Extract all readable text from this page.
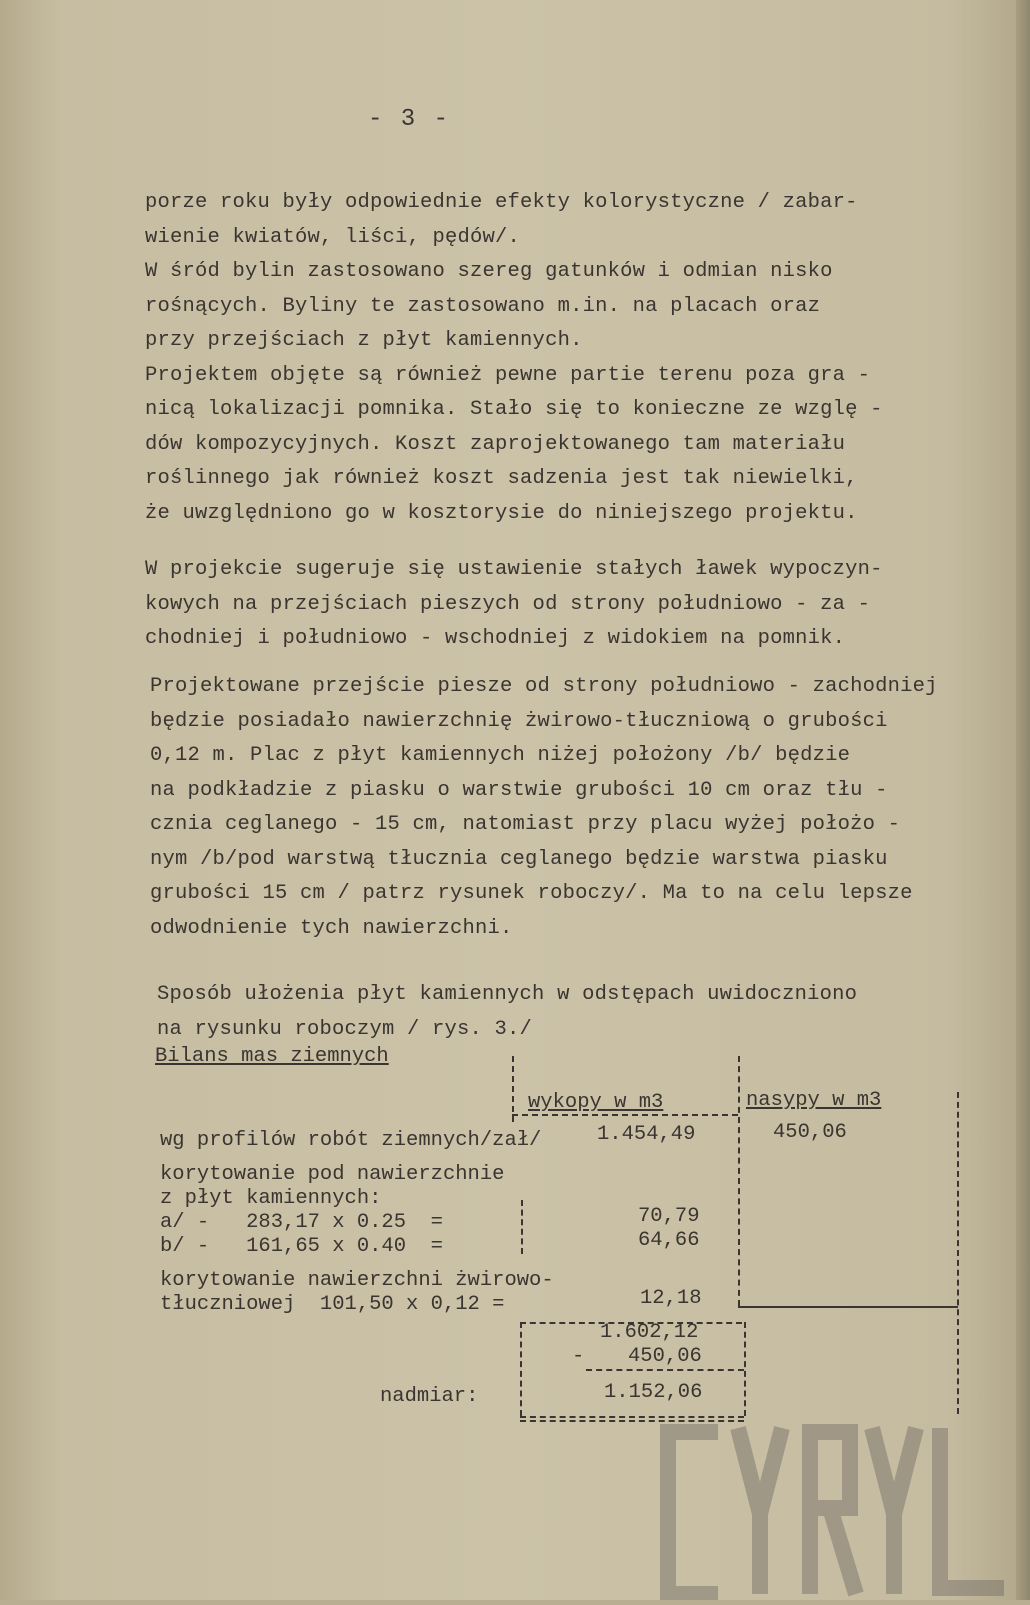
- 3 -
porze roku były odpowiednie efekty kolorystyczne / zabar-
wienie kwiatów, liści, pędów/.
W śród bylin zastosowano szereg gatunków i odmian nisko
rośnących. Byliny te zastosowano m.in. na placach oraz
przy przejściach z płyt kamiennych.
Projektem objęte są również pewne partie terenu poza gra -
nicą lokalizacji pomnika. Stało się to konieczne ze wzglę -
dów kompozycyjnych. Koszt zaprojektowanego tam materiału
roślinnego jak również koszt sadzenia jest tak niewielki,
że uwzględniono go w kosztorysie do niniejszego projektu.
W projekcie sugeruje się ustawienie stałych ławek wypoczyn-
kowych na przejściach pieszych od strony południowo - za -
chodniej i południowo - wschodniej z widokiem na pomnik.
Projektowane przejście piesze od strony południowo - zachodniej
będzie posiadało nawierzchnię żwirowo-tłuczniową o grubości
0,12 m. Plac z płyt kamiennych niżej położony /b/ będzie
na podkładzie z piasku o warstwie grubości 10 cm oraz tłu -
cznia ceglanego - 15 cm, natomiast przy placu wyżej położo -
nym /b/pod warstwą tłucznia ceglanego będzie warstwa piasku
grubości 15 cm / patrz rysunek roboczy/. Ma to na celu lepsze
odwodnienie tych nawierzchni.
Sposób ułożenia płyt kamiennych w odstępach uwidoczniono
na rysunku roboczym / rys. 3./
Bilans mas ziemnych
wykopy w m3	nasypy w m3
wg profilów robót ziemnych/zał/	1.454,49	450,06
korytowanie pod nawierzchnie
z płyt kamiennych:
a/ -   283,17 x 0.25  =	70,79
b/ -   161,65 x 0.40  =	64,66
korytowanie nawierzchni żwirowo-
tłuczniowej  101,50 x 0,12 =	12,18
1.602,12
- 450,06
nadmiar:	1.152,06
